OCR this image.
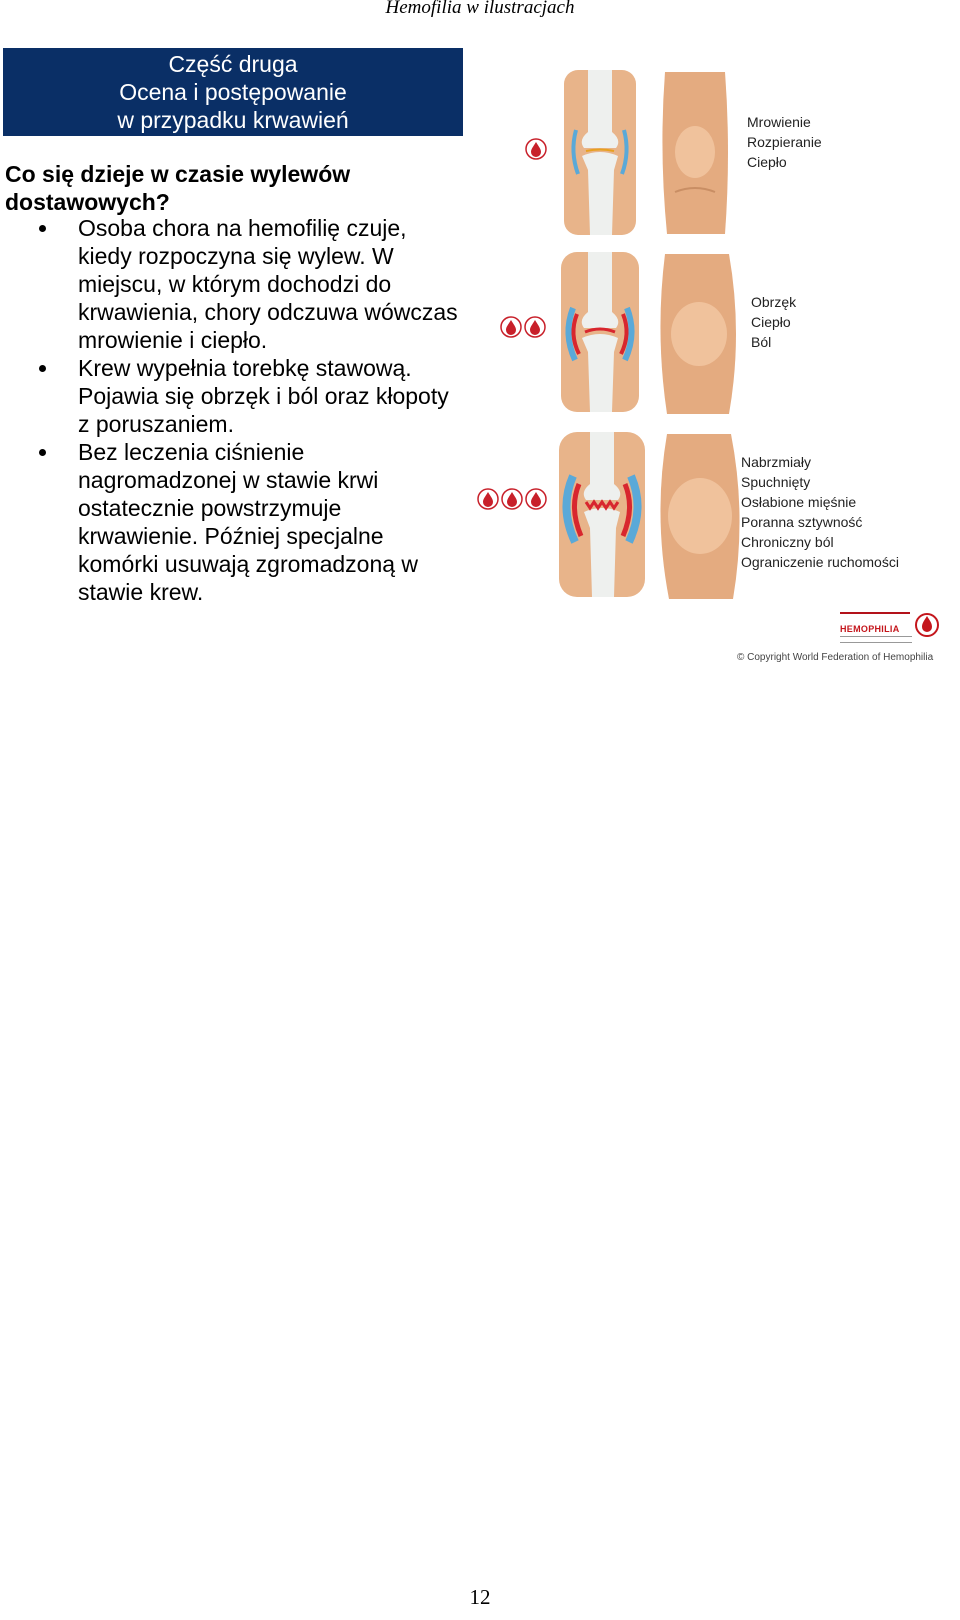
Hemofilia w ilustracjach
Część druga
Ocena i postępowanie
w przypadku krwawień
Co się dzieje w czasie wylewów dostawowych?
Osoba chora na hemofilię czuje, kiedy rozpoczyna się wylew. W miejscu, w którym dochodzi do krwawienia, chory odczuwa wówczas mrowienie i ciepło.
Krew wypełnia torebkę stawową. Pojawia się obrzęk i ból oraz kłopoty z poruszaniem.
Bez leczenia ciśnienie nagromadzonej w stawie krwi ostatecznie powstrzymuje krwawienie. Później specjalne komórki usuwają zgromadzoną w stawie krew.
Mrowienie
Rozpieranie
Ciepło
Obrzęk
Ciepło
Ból
Nabrzmiały
Spuchnięty
Osłabione mięśnie
Poranna sztywność
Chroniczny ból
Ograniczenie ruchomości
HEMOPHILIA
© Copyright World Federation of Hemophilia
12
